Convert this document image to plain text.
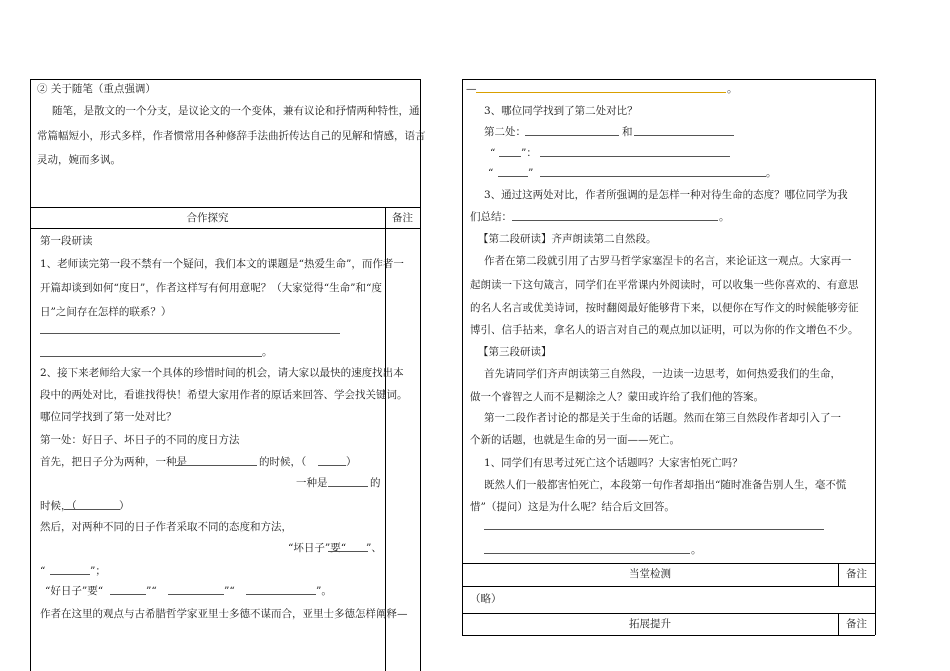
② 关于随笔（重点强调）
随笔，是散文的一个分支，是议论文的一个变体，兼有议论和抒情两种特性，通
常篇幅短小，形式多样，作者惯常用各种修辞手法曲折传达自己的见解和情感，语言
灵动，婉而多讽。
合作探究	备注
第一段研读
1、老师读完第一段不禁有一个疑问，我们本文的课题是“热爱生命”，而作者一
开篇却谈到如何“度日”，作者这样写有何用意呢？（大家觉得“生命”和“度
日”之间存在怎样的联系？）
。
2、接下来老师给大家一个具体的珍惜时间的机会，请大家以最快的速度找出本
段中的两处对比，看谁找得快！希望大家用作者的原话来回答、学会找关键词。
哪位同学找到了第一处对比？
第一处：好日子、坏日子的不同的度日方法
首先，把日子分为两种，一种是	的时候，（	）
一种是	的
时候，（	）
然后，对两种不同的日子作者采取不同的态度和方法，
“坏日子”要“ ”、
“	”；
“好日子”要“	”“	”“	”。
作者在这里的观点与古希腊哲学家亚里士多德不谋而合，亚里士多德怎样阐释—
—	。
3、哪位同学找到了第二处对比？
第二处：	和
“ ”：
“	”	。
3、通过这两处对比，作者所强调的是怎样一种对待生命的态度？哪位同学为我
们总结：	。
【第二段研读】齐声朗读第二自然段。
作者在第二段就引用了古罗马哲学家塞涅卡的名言，来论证这一观点。大家再一
起朗读一下这句箴言，同学们在平常课内外阅读时，可以收集一些你喜欢的、有意思
的名人名言或优美诗词，按时翻阅最好能够背下来，以便你在写作文的时候能够旁征
博引、信手拈来，拿名人的语言对自己的观点加以证明，可以为你的作文增色不少。
【第三段研读】
首先请同学们齐声朗读第三自然段，一边读一边思考，如何热爱我们的生命，
做一个睿智之人而不是糊涂之人？蒙田或许给了我们他的答案。
第一二段作者讨论的都是关于生命的话题。然而在第三自然段作者却引入了一
个新的话题，也就是生命的另一面——死亡。
1、同学们有思考过死亡这个话题吗？大家害怕死亡吗？
既然人们一般都害怕死亡，本段第一句作者却指出“随时准备告别人生，毫不慌
惜”（提问）这是为什么呢？结合后文回答。
。
当堂检测	备注
（略）
拓展提升	备注
